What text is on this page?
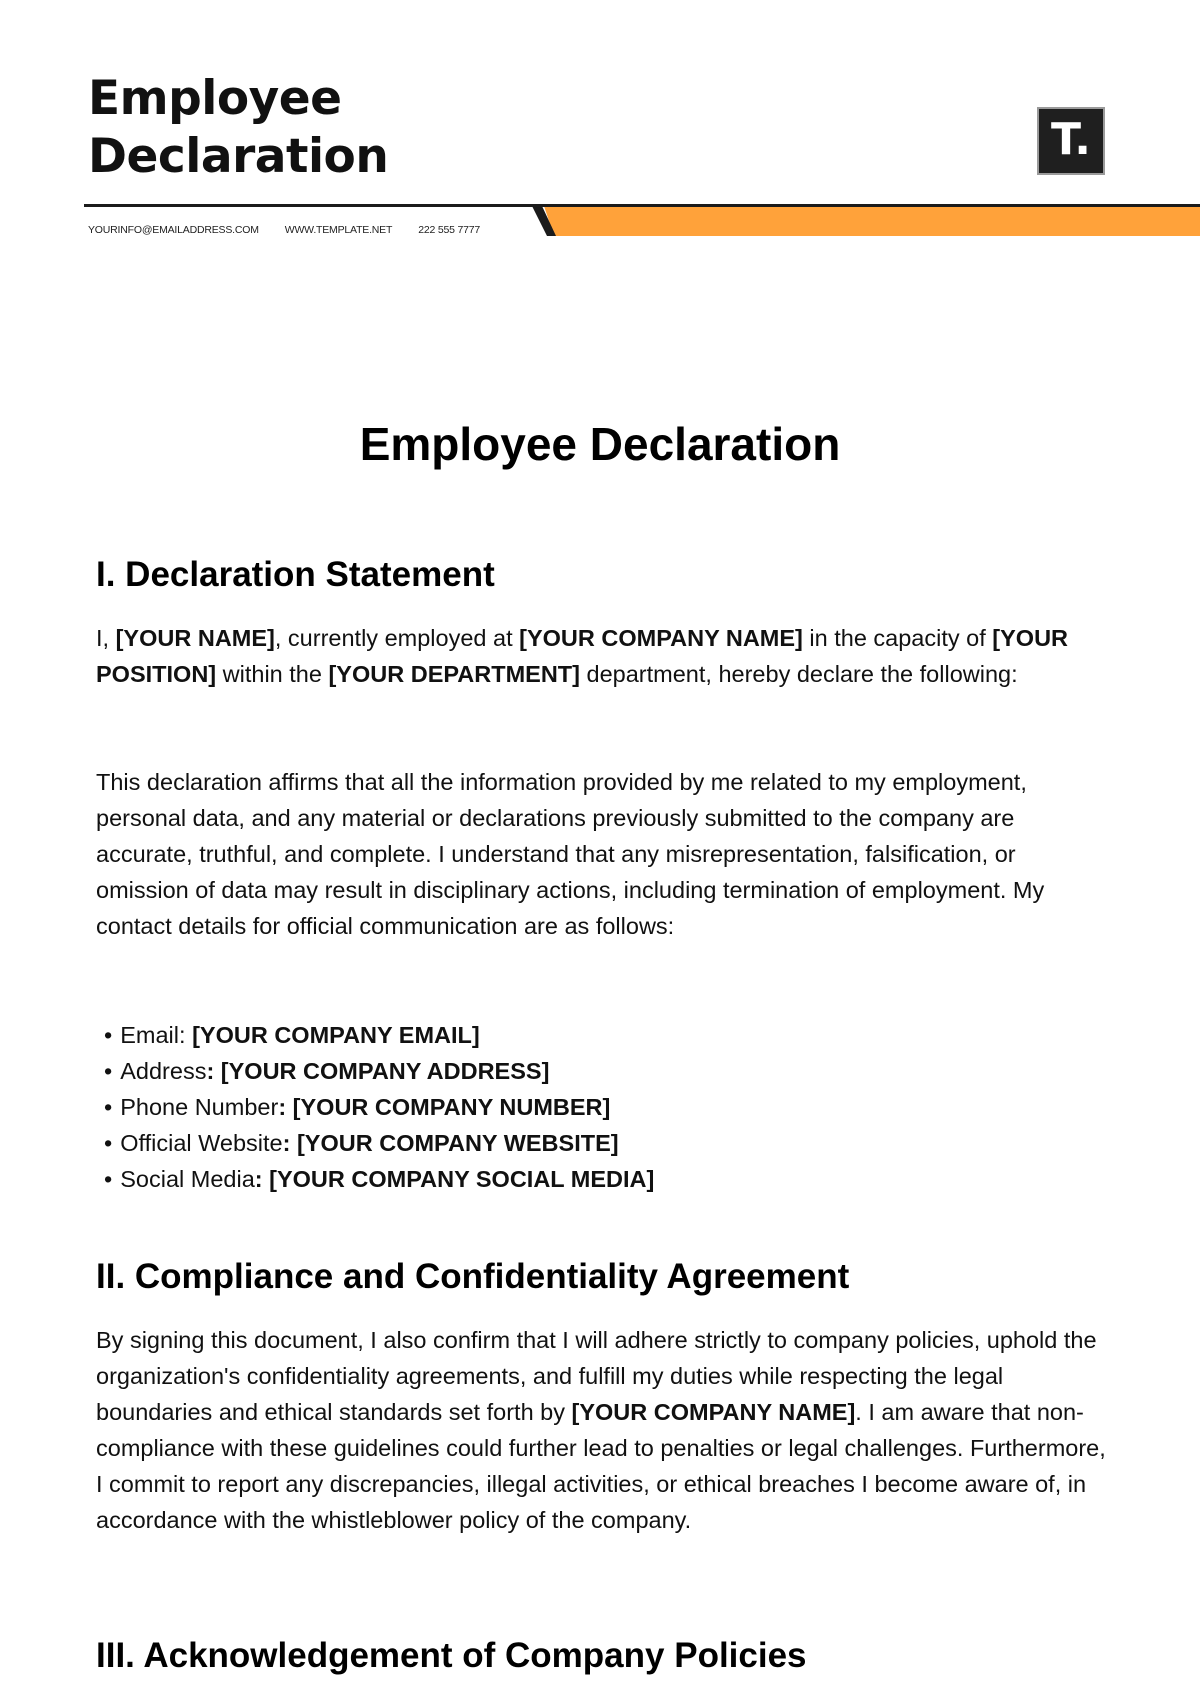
Employee
Declaration	T.
YOURINFO@EMAILADDRESS.COM WWW.TEMPLATE.NET 222 555 7777
Employee Declaration
I. Declaration Statement

I, [YOUR NAME], currently employed at [YOUR COMPANY NAME] in the capacity of [YOUR POSITION] within the [YOUR DEPARTMENT] department, hereby declare the following:

This declaration affirms that all the information provided by me related to my employment, personal data, and any material or declarations previously submitted to the company are accurate, truthful, and complete. I understand that any misrepresentation, falsification, or omission of data may result in disciplinary actions, including termination of employment. My contact details for official communication are as follows:

• Email: [YOUR COMPANY EMAIL]
• Address: [YOUR COMPANY ADDRESS]
• Phone Number: [YOUR COMPANY NUMBER]
• Official Website: [YOUR COMPANY WEBSITE]
• Social Media: [YOUR COMPANY SOCIAL MEDIA]
II. Compliance and Confidentiality Agreement

By signing this document, I also confirm that I will adhere strictly to company policies, uphold the organization's confidentiality agreements, and fulfill my duties while respecting the legal boundaries and ethical standards set forth by [YOUR COMPANY NAME]. I am aware that non-compliance with these guidelines could further lead to penalties or legal challenges. Furthermore, I commit to report any discrepancies, illegal activities, or ethical breaches I become aware of, in accordance with the whistleblower policy of the company.

III. Acknowledgement of Company Policies
